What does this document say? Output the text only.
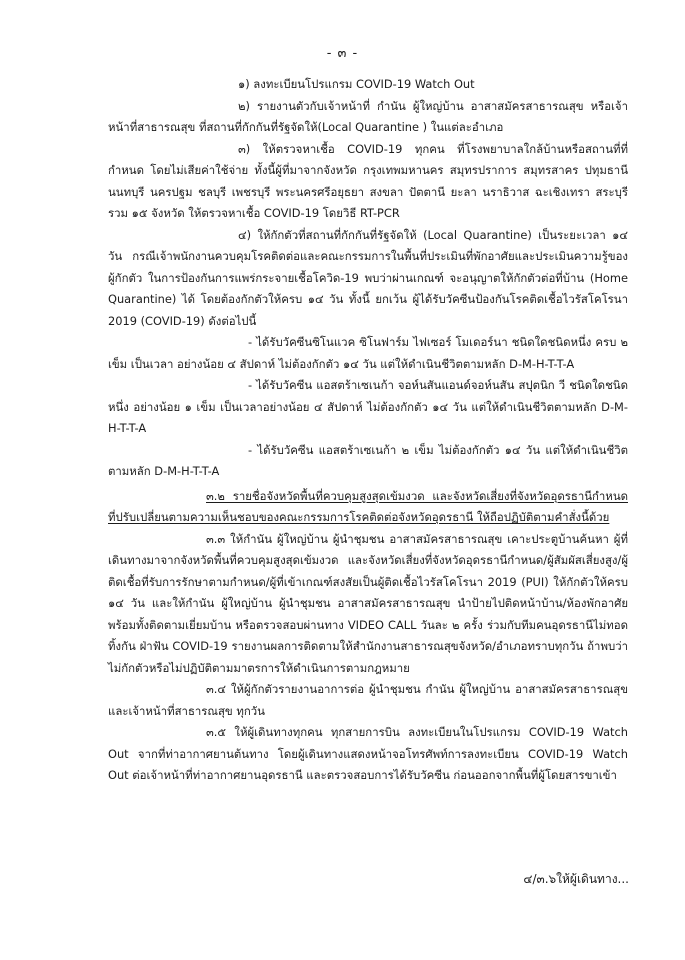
- ๓ -

๑) ลงทะเบียนโปรแกรม COVID-19 Watch Out

๒) รายงานตัวกับเจ้าหน้าที่ กำนัน ผู้ใหญ่บ้าน อาสาสมัครสาธารณสุข หรือเจ้าหน้าที่สาธารณสุข ที่สถานที่กักกันที่รัฐจัดให้(Local Quarantine ) ในแต่ละอำเภอ

๓) ให้ตรวจหาเชื้อ COVID-19 ทุกคน ที่โรงพยาบาลใกล้บ้านหรือสถานที่ที่กำหนด โดยไม่เสียค่าใช้จ่าย ทั้งนี้ผู้ที่มาจากจังหวัด กรุงเทพมหานคร สมุทรปราการ สมุทรสาคร ปทุมธานี นนทบุรี นครปฐม ชลบุรี เพชรบุรี พระนครศรีอยุธยา สงขลา ปัตตานี ยะลา นราธิวาส ฉะเชิงเทรา สระบุรี รวม ๑๕ จังหวัด ให้ตรวจหาเชื้อ COVID-19 โดยวิธี RT-PCR

๔) ให้กักตัวที่สถานที่กักกันที่รัฐจัดให้ (Local Quarantine) เป็นระยะเวลา ๑๔ วัน กรณีเจ้าพนักงานควบคุมโรคติดต่อและคณะกรรมการในพื้นที่ประเมินที่พักอาศัยและประเมินความรู้ของผู้กักตัว ในการป้องกันการแพร่กระจายเชื้อโควิด-19 พบว่าผ่านเกณฑ์ จะอนุญาตให้กักตัวต่อที่บ้าน (Home Quarantine) ได้ โดยต้องกักตัวให้ครบ ๑๔ วัน ทั้งนี้ ยกเว้น ผู้ได้รับวัคซีนป้องกันโรคติดเชื้อไวรัสโคโรนา 2019 (COVID-19) ดังต่อไปนี้

- ได้รับวัคซีนซิโนแวค ซิโนฟาร์ม ไฟเซอร์ โมเดอร์นา ชนิดใดชนิดหนึ่ง ครบ ๒ เข็ม เป็นเวลา อย่างน้อย ๔ สัปดาห์ ไม่ต้องกักตัว ๑๔ วัน แต่ให้ดำเนินชีวิตตามหลัก D-M-H-T-T-A

- ได้รับวัคซีน แอสตร้าเซเนก้า จอห์นสันแอนด์จอห์นสัน สปุตนิก วี ชนิดใดชนิดหนึ่ง อย่างน้อย ๑ เข็ม เป็นเวลาอย่างน้อย ๔ สัปดาห์ ไม่ต้องกักตัว ๑๔ วัน แต่ให้ดำเนินชีวิตตามหลัก D-M-H-T-T-A

- ได้รับวัคซีน แอสตร้าเซเนก้า ๒ เข็ม ไม่ต้องกักตัว ๑๔ วัน แต่ให้ดำเนินชีวิตตามหลัก D-M-H-T-T-A

๓.๒ รายชื่อจังหวัดพื้นที่ควบคุมสูงสุดเข้มงวด และจังหวัดเสี่ยงที่จังหวัดอุดรธานีกำหนด ที่ปรับเปลี่ยนตามความเห็นชอบของคณะกรรมการโรคติดต่อจังหวัดอุดรธานี ให้ถือปฏิบัติตามคำสั่งนี้ด้วย

๓.๓ ให้กำนัน ผู้ใหญ่บ้าน ผู้นำชุมชน อาสาสมัครสาธารณสุข เคาะประตูบ้านค้นหา ผู้ที่เดินทางมาจากจังหวัดพื้นที่ควบคุมสูงสุดเข้มงวด และจังหวัดเสี่ยงที่จังหวัดอุดรธานีกำหนด/ผู้สัมผัสเสี่ยงสูง/ผู้ติดเชื้อที่รับการรักษาตามกำหนด/ผู้ที่เข้าเกณฑ์สงสัยเป็นผู้ติดเชื้อไวรัสโคโรนา 2019 (PUI) ให้กักตัวให้ครบ ๑๔ วัน และให้กำนัน ผู้ใหญ่บ้าน ผู้นำชุมชน อาสาสมัครสาธารณสุข นำป้ายไปติดหน้าบ้าน/ห้องพักอาศัยพร้อมทั้งติดตามเยี่ยมบ้าน หรือตรวจสอบผ่านทาง VIDEO CALL วันละ ๒ ครั้ง ร่วมกับทีมคนอุดรธานีไม่ทอดทิ้งกัน ฝ่าฟัน COVID-19 รายงานผลการติดตามให้สำนักงานสาธารณสุขจังหวัด/อำเภอทราบทุกวัน ถ้าพบว่าไม่กักตัวหรือไม่ปฏิบัติตามมาตรการให้ดำเนินการตามกฎหมาย

๓.๔ ให้ผู้กักตัวรายงานอาการต่อ ผู้นำชุมชน กำนัน ผู้ใหญ่บ้าน อาสาสมัครสาธารณสุข และเจ้าหน้าที่สาธารณสุข ทุกวัน

๓.๕ ให้ผู้เดินทางทุกคน ทุกสายการบิน ลงทะเบียนในโปรแกรม COVID-19 Watch Out จากที่ท่าอากาศยานต้นทาง โดยผู้เดินทางแสดงหน้าจอโทรศัพท์การลงทะเบียน COVID-19 Watch Out ต่อเจ้าหน้าที่ท่าอากาศยานอุดรธานี และตรวจสอบการได้รับวัคซีน ก่อนออกจากพื้นที่ผู้โดยสารขาเข้า

๔/๓.๖ให้ผู้เดินทาง...
